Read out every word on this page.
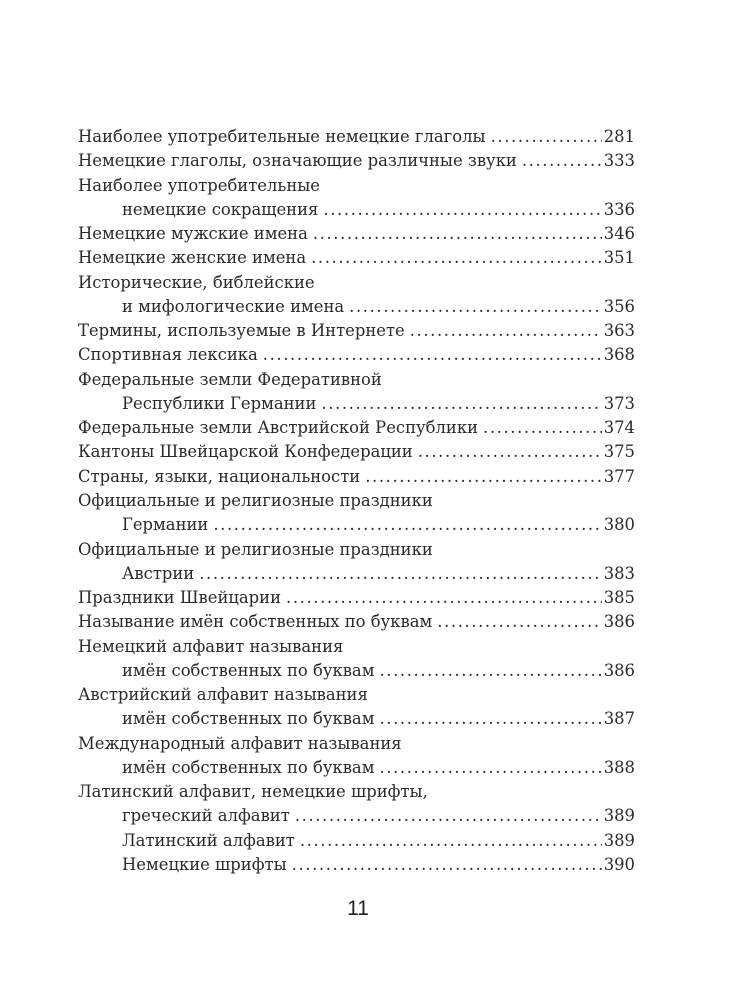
Наиболее употребительные немецкие глаголы .....	281
Немецкие глаголы, означающие различные звуки .....	333
Наиболее употребительные
немецкие сокращения .....	336
Немецкие мужские имена .....	346
Немецкие женские имена .....	351
Исторические, библейские
и мифологические имена .....	356
Термины, используемые в Интернете .....	363
Спортивная лексика .....	368
Федеральные земли Федеративной
Республики Германии .....	373
Федеральные земли Австрийской Республики .....	374
Кантоны Швейцарской Конфедерации .....	375
Страны, языки, национальности .....	377
Официальные и религиозные праздники
Германии .....	380
Официальные и религиозные праздники
Австрии .....	383
Праздники Швейцарии .....	385
Называние имён собственных по буквам .....	386
Немецкий алфавит называния
имён собственных по буквам .....	386
Австрийский алфавит называния
имён собственных по буквам .....	387
Международный алфавит называния
имён собственных по буквам .....	388
Латинский алфавит, немецкие шрифты,
греческий алфавит .....	389
Латинский алфавит .....	389
Немецкие шрифты .....	390
11
